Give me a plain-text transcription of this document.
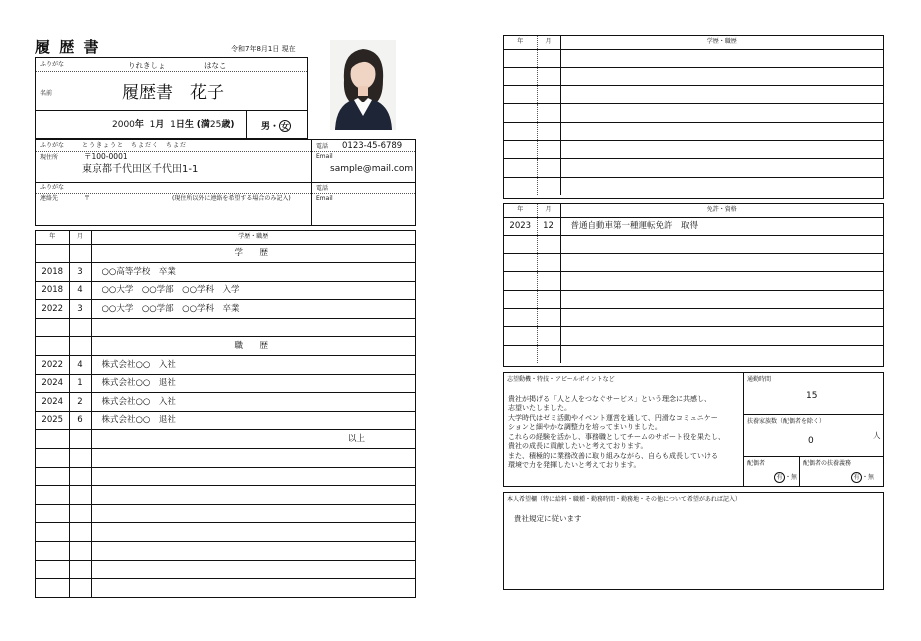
履 歴 書	令和7年8月1日 現在
ふりがな	りれきしょ	はなこ
名前	履歴書　花子
2000年 1月 1日生 (満25歳)	男・ 女
ふりがな	とうきょうと　ちよだく　ちよだ
現住所	〒100-0001
東京都千代田区千代田1-1
電話 0123-45-6789
Email
sample@mail.com
ふりがな
連絡先	〒	(現住所以外に連絡を希望する場合のみ記入)
電話
Email
年	月	学歴・職歴
		学　歴
2018	3	○○高等学校　卒業
2018	4	○○大学　○○学部　○○学科　入学
2022	3	○○大学　○○学部　○○学科　卒業

		職　歴
2022	4	株式会社○○　入社
2024	1	株式会社○○　退社
2024	2	株式会社○○　入社
2025	6	株式会社○○　退社
		以上

年	月	学歴・職歴

年	月	免許・資格
2023	12	普通自動車第一種運転免許　取得

志望動機・特技・アピールポイントなど
貴社が掲げる「人と人をつなぐサービス」という理念に共感し、
志望いたしました。
大学時代はゼミ活動やイベント運営を通して、円滑なコミュニケー
ションと細やかな調整力を培ってまいりました。
これらの経験を活かし、事務職としてチームのサポート役を果たし、
貴社の成長に貢献したいと考えております。
また、積極的に業務改善に取り組みながら、自らも成長していける
環境で力を発揮したいと考えております。
通勤時間
15
扶養家族数（配偶者を除く）
0
人
配偶者
有 ・無
配偶者の扶養義務
有 ・無
本人希望欄（特に給料・職種・勤務時間・勤務地・その他について希望があれば記入）
貴社規定に従います
